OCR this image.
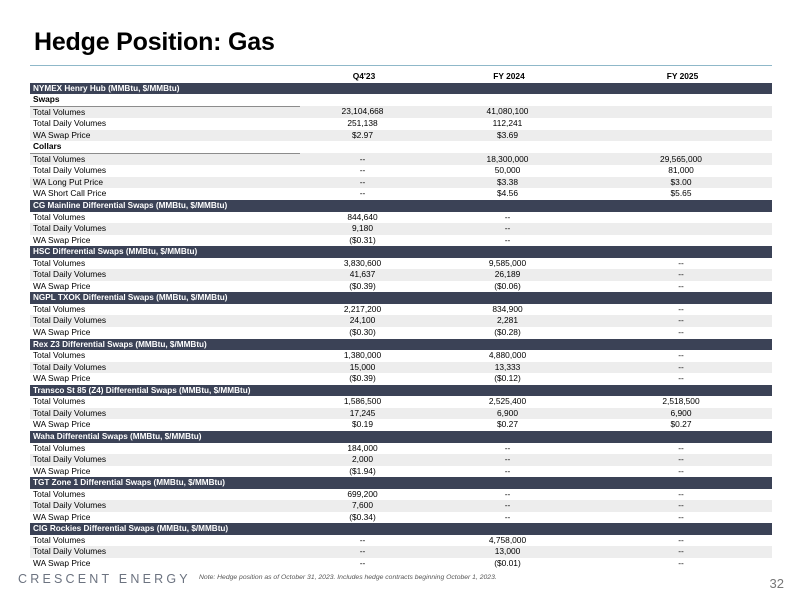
Hedge Position: Gas
	Q4'23	FY 2024	FY 2025
NYMEX Henry Hub (MMBtu, $/MMBtu)			
Swaps			
Total Volumes	23,104,668	41,080,100	
Total Daily Volumes	251,138	112,241	
WA Swap Price	$2.97	$3.69	
Collars			
Total Volumes	--	18,300,000	29,565,000
Total Daily Volumes	--	50,000	81,000
WA Long Put Price	--	$3.38	$3.00
WA Short Call Price	--	$4.56	$5.65
CG Mainline Differential Swaps (MMBtu, $/MMBtu)			
Total Volumes	844,640	--	
Total Daily Volumes	9,180	--	
WA Swap Price	($0.31)	--	
HSC Differential Swaps (MMBtu, $/MMBtu)			
Total Volumes	3,830,600	9,585,000	--
Total Daily Volumes	41,637	26,189	--
WA Swap Price	($0.39)	($0.06)	--
NGPL TXOK Differential Swaps (MMBtu, $/MMBtu)			
Total Volumes	2,217,200	834,900	--
Total Daily Volumes	24,100	2,281	--
WA Swap Price	($0.30)	($0.28)	--
Rex Z3 Differential Swaps (MMBtu, $/MMBtu)			
Total Volumes	1,380,000	4,880,000	--
Total Daily Volumes	15,000	13,333	--
WA Swap Price	($0.39)	($0.12)	--
Transco St 85 (Z4) Differential Swaps (MMBtu, $/MMBtu)			
Total Volumes	1,586,500	2,525,400	2,518,500
Total Daily Volumes	17,245	6,900	6,900
WA Swap Price	$0.19	$0.27	$0.27
Waha Differential Swaps (MMBtu, $/MMBtu)			
Total Volumes	184,000	--	--
Total Daily Volumes	2,000	--	--
WA Swap Price	($1.94)	--	--
TGT Zone 1 Differential Swaps (MMBtu, $/MMBtu)			
Total Volumes	699,200	--	--
Total Daily Volumes	7,600	--	--
WA Swap Price	($0.34)	--	--
CIG Rockies Differential Swaps (MMBtu, $/MMBtu)			
Total Volumes	--	4,758,000	--
Total Daily Volumes	--	13,000	--
WA Swap Price	--	($0.01)	--
CRESCENT ENERGY Note: Hedge position as of October 31, 2023. Includes hedge contracts beginning October 1, 2023.	32
